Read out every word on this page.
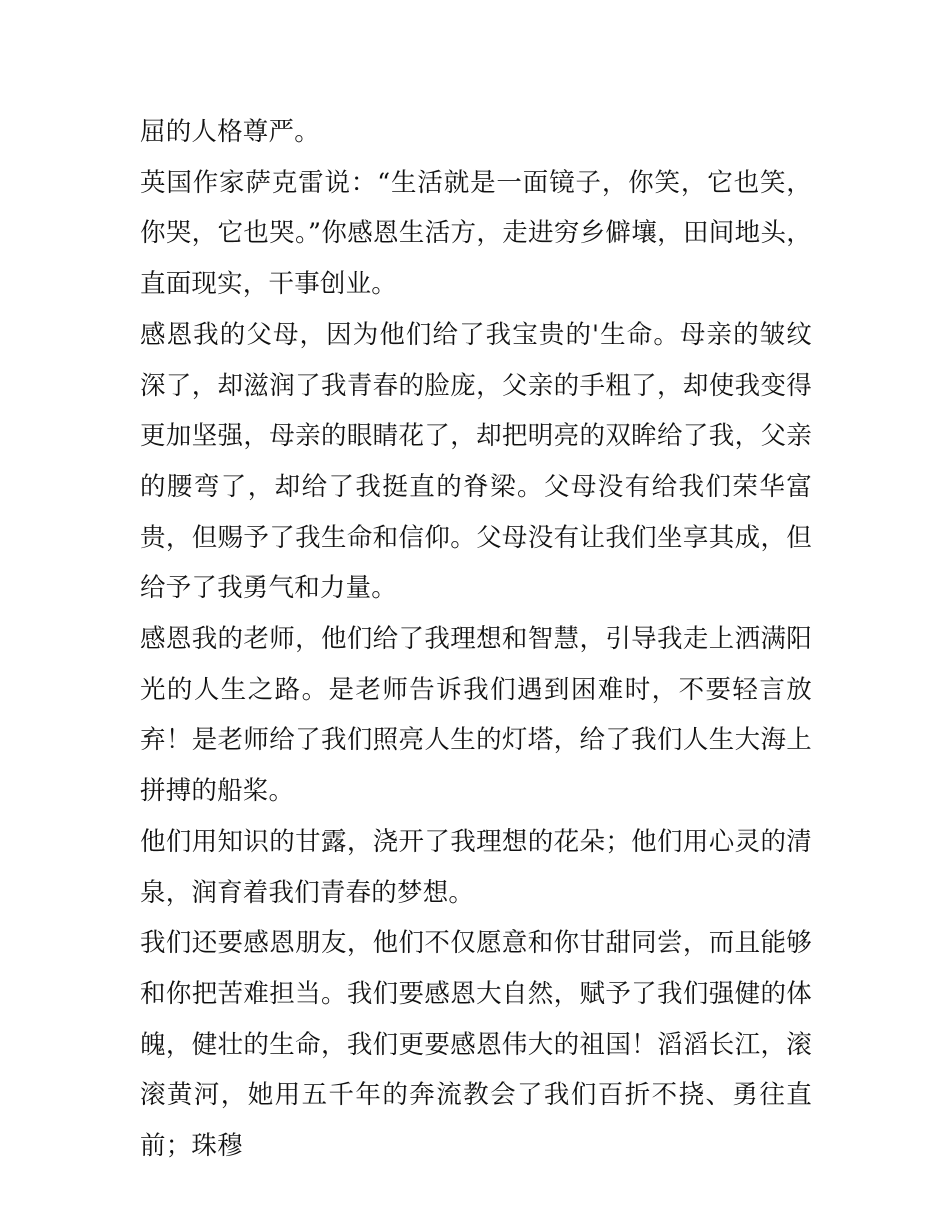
屈的人格尊严。

英国作家萨克雷说：“生活就是一面镜子，你笑，它也笑，你哭，它也哭。”你感恩生活方，走进穷乡僻壤，田间地头，直面现实，干事创业。

感恩我的父母，因为他们给了我宝贵的'生命。母亲的皱纹深了，却滋润了我青春的脸庞，父亲的手粗了，却使我变得更加坚强，母亲的眼睛花了，却把明亮的双眸给了我，父亲的腰弯了，却给了我挺直的脊梁。父母没有给我们荣华富贵，但赐予了我生命和信仰。父母没有让我们坐享其成，但给予了我勇气和力量。

感恩我的老师，他们给了我理想和智慧，引导我走上洒满阳光的人生之路。是老师告诉我们遇到困难时，不要轻言放弃！是老师给了我们照亮人生的灯塔，给了我们人生大海上拼搏的船桨。

他们用知识的甘露，浇开了我理想的花朵；他们用心灵的清泉，润育着我们青春的梦想。

我们还要感恩朋友，他们不仅愿意和你甘甜同尝，而且能够和你把苦难担当。我们要感恩大自然，赋予了我们强健的体魄，健壮的生命，我们更要感恩伟大的祖国！滔滔长江，滚滚黄河，她用五千年的奔流教会了我们百折不挠、勇往直前；珠穆
